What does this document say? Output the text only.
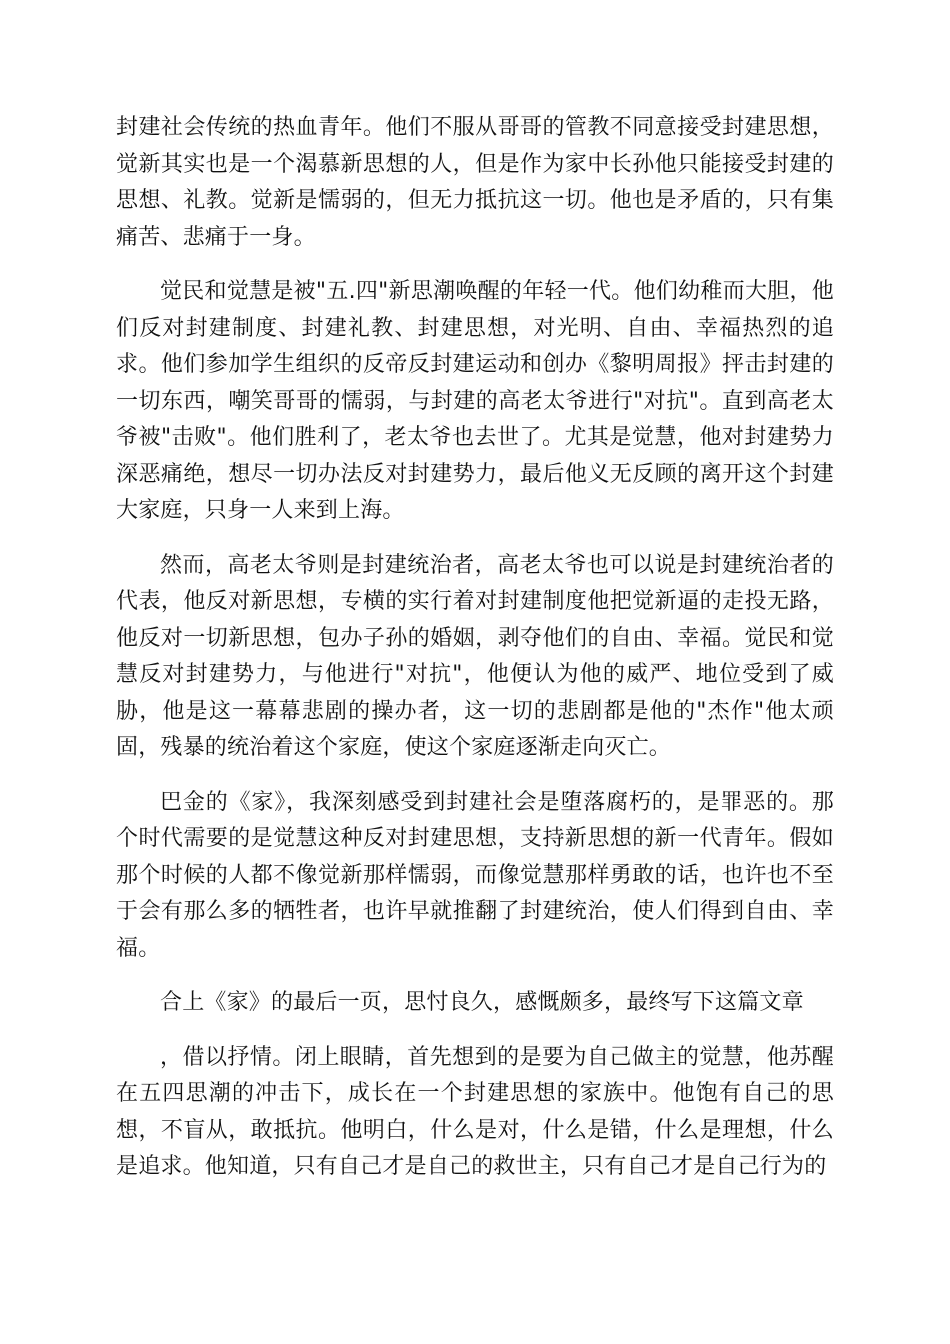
封建社会传统的热血青年。他们不服从哥哥的管教不同意接受封建思想，觉新其实也是一个渴慕新思想的人，但是作为家中长孙他只能接受封建的思想、礼教。觉新是懦弱的，但无力抵抗这一切。他也是矛盾的，只有集痛苦、悲痛于一身。

觉民和觉慧是被"五.四"新思潮唤醒的年轻一代。他们幼稚而大胆，他们反对封建制度、封建礼教、封建思想，对光明、自由、幸福热烈的追求。他们参加学生组织的反帝反封建运动和创办《黎明周报》抨击封建的一切东西，嘲笑哥哥的懦弱，与封建的高老太爷进行"对抗"。直到高老太爷被"击败"。他们胜利了，老太爷也去世了。尤其是觉慧，他对封建势力深恶痛绝，想尽一切办法反对封建势力，最后他义无反顾的离开这个封建大家庭，只身一人来到上海。

然而，高老太爷则是封建统治者，高老太爷也可以说是封建统治者的代表，他反对新思想，专横的实行着对封建制度他把觉新逼的走投无路，他反对一切新思想，包办子孙的婚姻，剥夺他们的自由、幸福。觉民和觉慧反对封建势力，与他进行"对抗"，他便认为他的威严、地位受到了威胁，他是这一幕幕悲剧的操办者，这一切的悲剧都是他的"杰作"他太顽固，残暴的统治着这个家庭，使这个家庭逐渐走向灭亡。

巴金的《家》，我深刻感受到封建社会是堕落腐朽的，是罪恶的。那个时代需要的是觉慧这种反对封建思想，支持新思想的新一代青年。假如那个时候的人都不像觉新那样懦弱，而像觉慧那样勇敢的话，也许也不至于会有那么多的牺牲者，也许早就推翻了封建统治，使人们得到自由、幸福。

合上《家》的最后一页，思忖良久，感慨颇多，最终写下这篇文章

，借以抒情。闭上眼睛，首先想到的是要为自己做主的觉慧，他苏醒在五四思潮的冲击下，成长在一个封建思想的家族中。他饱有自己的思想，不盲从，敢抵抗。他明白，什么是对，什么是错，什么是理想，什么是追求。他知道，只有自己才是自己的救世主，只有自己才是自己行为的
